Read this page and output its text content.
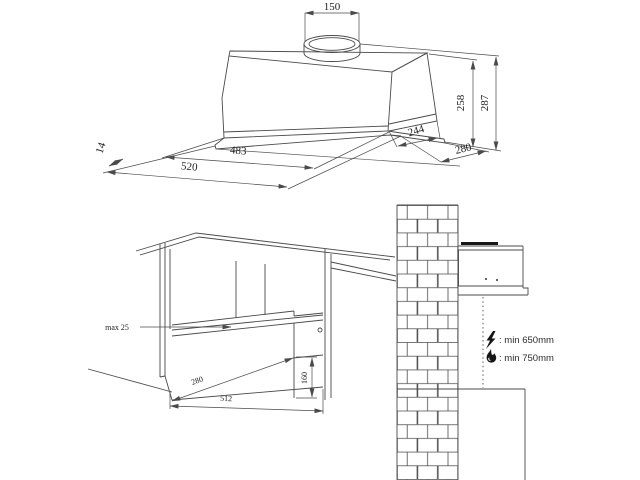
150
258 287
244
280
483
520
14
max 25
280
512
160
: min 650mm
: min 750mm
